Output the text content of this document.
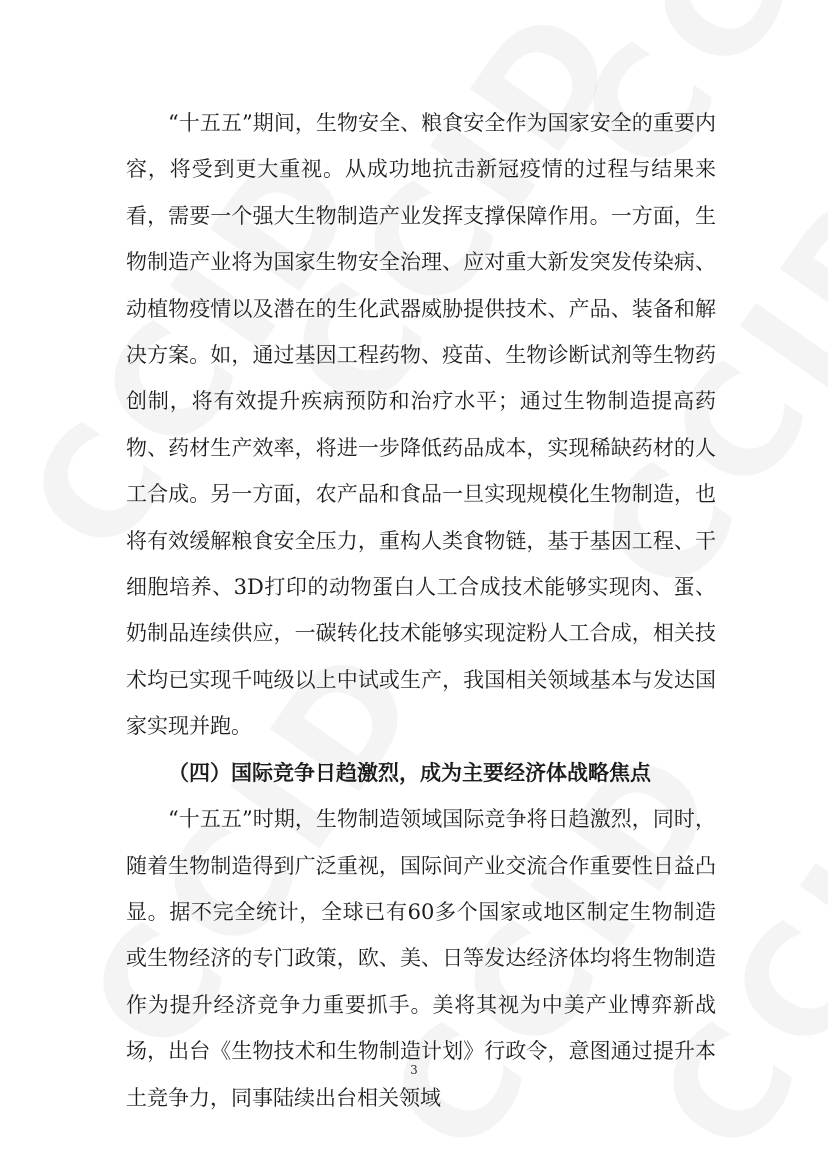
“十五五”期间，生物安全、粮食安全作为国家安全的重要内容，将受到更大重视。从成功地抗击新冠疫情的过程与结果来看，需要一个强大生物制造产业发挥支撑保障作用。一方面，生物制造产业将为国家生物安全治理、应对重大新发突发传染病、动植物疫情以及潜在的生化武器威胁提供技术、产品、装备和解决方案。如，通过基因工程药物、疫苗、生物诊断试剂等生物药创制，将有效提升疾病预防和治疗水平；通过生物制造提高药物、药材生产效率，将进一步降低药品成本，实现稀缺药材的人工合成。另一方面，农产品和食品一旦实现规模化生物制造，也将有效缓解粮食安全压力，重构人类食物链，基于基因工程、干细胞培养、3D打印的动物蛋白人工合成技术能够实现肉、蛋、奶制品连续供应，一碳转化技术能够实现淀粉人工合成，相关技术均已实现千吨级以上中试或生产，我国相关领域基本与发达国家实现并跑。

（四）国际竞争日趋激烈，成为主要经济体战略焦点

“十五五”时期，生物制造领域国际竞争将日趋激烈，同时，随着生物制造得到广泛重视，国际间产业交流合作重要性日益凸显。据不完全统计，全球已有60多个国家或地区制定生物制造或生物经济的专门政策，欧、美、日等发达经济体均将生物制造作为提升经济竞争力重要抓手。美将其视为中美产业博弈新战场，出台《生物技术和生物制造计划》行政令，意图通过提升本土竞争力，同事陆续出台相关领域

3
